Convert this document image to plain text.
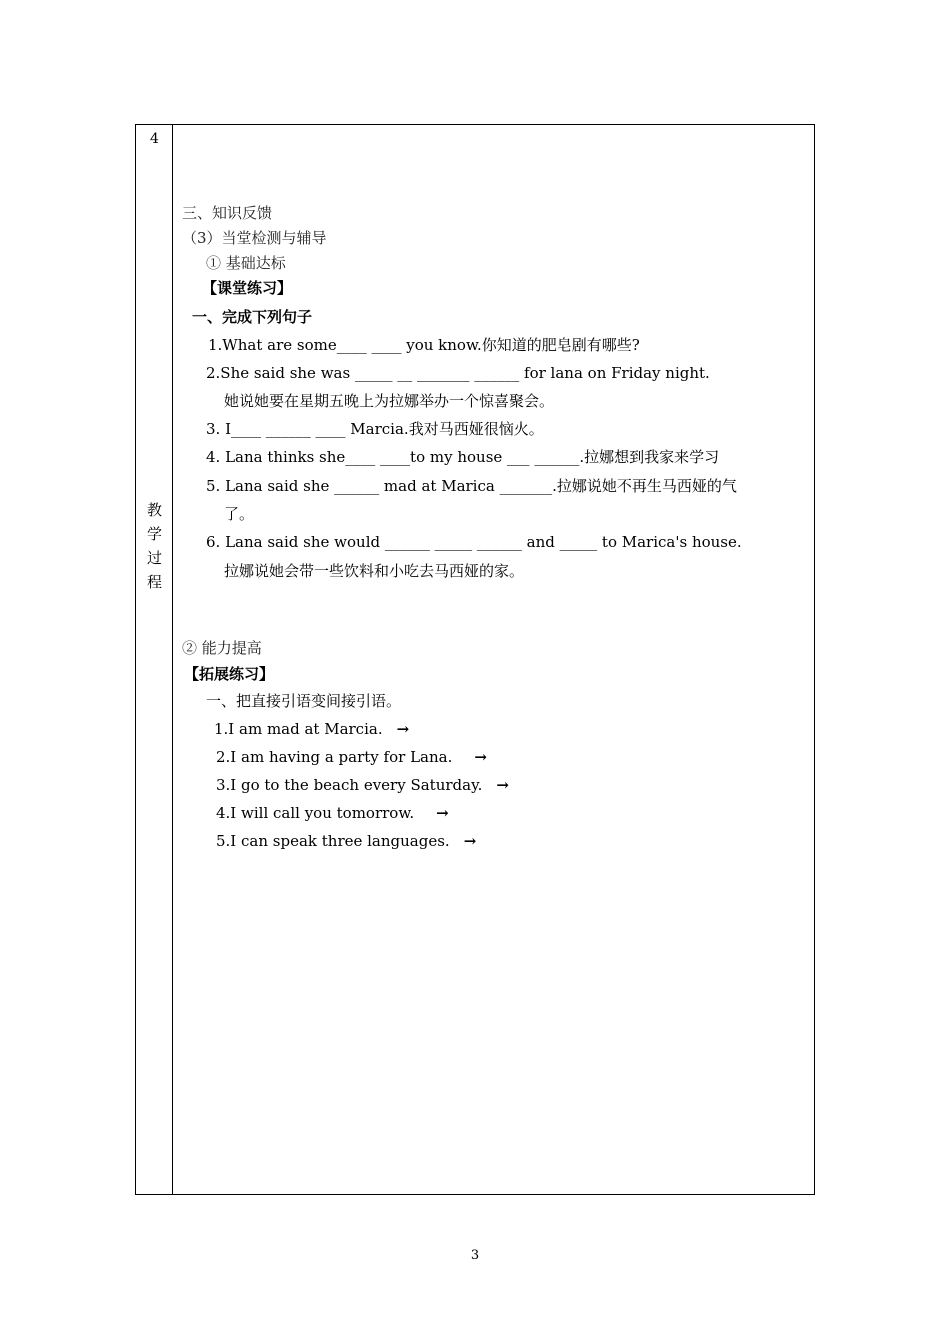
4
教
学
过
程
三、知识反馈
（3）当堂检测与辅导
① 基础达标
【课堂练习】
一、完成下列句子
1.What are some____ ____ you know.你知道的肥皂剧有哪些?
2.She said she was _____ __ _______ ______ for lana on Friday night.
她说她要在星期五晚上为拉娜举办一个惊喜聚会。
3. I____ ______ ____ Marcia.我对马西娅很恼火。
4. Lana thinks she____ ____to my house ___ ______.拉娜想到我家来学习
5. Lana said she ______ mad at Marica _______.拉娜说她不再生马西娅的气
了。
6. Lana said she would ______ _____ ______ and _____ to Marica's house.
拉娜说她会带一些饮料和小吃去马西娅的家。
② 能力提高
【拓展练习】
一、把直接引语变间接引语。
1.I am mad at Marcia. →
2.I am having a party for Lana. →
3.I go to the beach every Saturday. →
4.I will call you tomorrow. →
5.I can speak three languages. →
3
